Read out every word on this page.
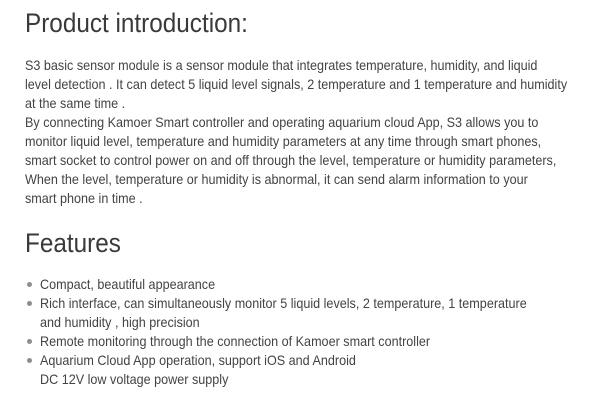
Product introduction:
S3 basic sensor module is a sensor module that integrates temperature, humidity, and liquid
level detection . It can detect 5 liquid level signals, 2 temperature and 1 temperature and humidity
at the same time .
By connecting Kamoer Smart controller and operating aquarium cloud App, S3 allows you to
monitor liquid level, temperature and humidity parameters at any time through smart phones,
smart socket to control power on and off through the level, temperature or humidity parameters,
When the level, temperature or humidity is abnormal, it can send alarm information to your
smart phone in time .
Features
Compact, beautiful appearance
Rich interface, can simultaneously monitor 5 liquid levels, 2 temperature, 1 temperature
and humidity , high precision
Remote monitoring through the connection of Kamoer smart controller
Aquarium Cloud App operation, support iOS and Android
DC 12V low voltage power supply
